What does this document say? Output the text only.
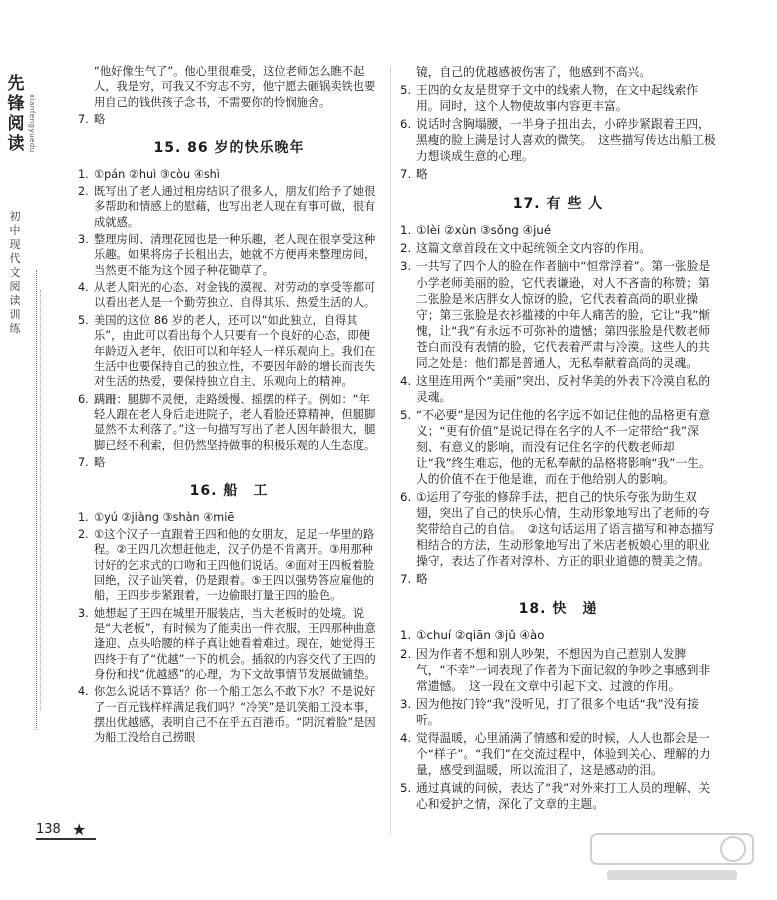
先锋阅读 xianfengyuedu
初中现代文阅读训练
“他好像生气了”。他心里很难受，这位老师怎么瞧不起人，我是穷，可我又不穷志不穷，他宁愿去砸锅卖铁也要用自己的钱供孩子念书，不需要你的怜悯施舍。
7. 略
15. 86 岁的快乐晚年
1. ①pán ②huì ③còu ④shì
2. 既写出了老人通过租房结识了很多人，朋友们给予了她很多帮助和情感上的慰藉，也写出老人现在有事可做，很有成就感。
3. 整理房间、清理花园也是一种乐趣，老人现在很享受这种乐趣。如果将房子长租出去，她就不方便再来整理房间，当然更不能为这个园子种花锄草了。
4. 从老人阳光的心态、对金钱的漠视、对劳动的享受等都可以看出老人是一个勤劳独立、自得其乐、热爱生活的人。
5. 美国的这位 86 岁的老人，还可以“如此独立，自得其乐”，由此可以看出每个人只要有一个良好的心态，即便年龄迈入老年，依旧可以和年轻人一样乐观向上。我们在生活中也要保持自己的独立性，不要因年龄的增长而丧失对生活的热爱，要保持独立自主、乐观向上的精神。
6. 蹒跚：腿脚不灵便，走路缓慢、摇摆的样子。例如：“年轻人跟在老人身后走进院子，老人看脸还算精神，但腿脚显然不太利落了。”这一句描写写出了老人因年龄很大，腿脚已经不利索，但仍然坚持做事的积极乐观的人生态度。
7. 略
16. 船　工
1. ①yú ②jiàng ③shàn ④miē
2. ①这个汉子一直跟着王四和他的女朋友，足足一华里的路程。②王四几次想赶他走，汉子仍是不肯离开。③用那种讨好的乞求式的口吻和王四他们说话。④面对王四板着脸回绝，汉子讪笑着，仍是跟着。⑤王四以强势答应雇他的船，王四步步紧跟着，一边偷眼打量王四的脸色。
3. 她想起了王四在城里开服装店，当大老板时的处境。说是“大老板”，有时候为了能卖出一件衣服，王四那种曲意逢迎、点头哈腰的样子真让她看着难过。现在，她觉得王四终于有了“优越”一下的机会。插叙的内容交代了王四的身份和找“优越感”的心理，为下文故事情节发展做铺垫。
4. 你怎么说话不算话？你一个船工怎么不敢下水？不是说好了一百元钱样样满足我们吗？“冷笑”是讥笑船工没本事，摆出优越感，表明自己不在乎五百港币。“阴沉着脸”是因为船工没给自己捞眼
镜，自己的优越感被伤害了，他感到不高兴。
5. 王四的女友是贯穿于文中的线索人物，在文中起线索作用。同时，这个人物使故事内容更丰富。
6. 说话时含胸塌腰，一半身子扭出去，小碎步紧跟着王四，黑瘦的脸上满是讨人喜欢的微笑。　这些描写传达出船工极力想谈成生意的心理。
7. 略
17. 有 些 人
1. ①lèi ②xùn ③sǒng ④jué
2. 这篇文章首段在文中起统领全文内容的作用。
3. 一共写了四个人的脸在作者脑中“恒常浮着”。第一张脸是小学老师美丽的脸，它代表谦逊，对人不吝啬的称赞；第二张脸是米店胖女人惊讶的脸，它代表着高尚的职业操守；第三张脸是衣衫褴褛的中年人痛苦的脸，它让“我”惭愧，让“我”有永远不可弥补的遗憾；第四张脸是代数老师苍白而没有表情的脸，它代表着严肃与冷漠。这些人的共同之处是：他们都是普通人，无私奉献着高尚的灵魂。
4. 这里连用两个“美丽”突出、反衬华美的外表下冷漠自私的灵魂。
5. “不必要”是因为记住他的名字远不如记住他的品格更有意义；“更有价值”是说记得在名字的人不一定带给“我”深刻、有意义的影响，而没有记住名字的代数老师却让“我”终生难忘，他的无私奉献的品格将影响“我”一生。人的价值不在于他是谁，而在于他给别人的影响。
6. ①运用了夸张的修辞手法，把自己的快乐夸张为助生双翅，突出了自己的快乐心情，生动形象地写出了老师的夸奖带给自己的自信。　②这句话运用了语言描写和神态描写相结合的方法，生动形象地写出了米店老板娘心里的职业操守，表达了作者对淳朴、方正的职业道德的赞美之情。
7. 略
18. 快　递
1. ①chuí ②qiān ③jǔ ④ào
2. 因为作者不想和别人吵架，不想因为自己惹别人发脾气，“不幸”一词表现了作者为下面记叙的争吵之事感到非常遗憾。　这一段在文章中引起下文、过渡的作用。
3. 因为他按门铃“我”没听见，打了很多个电话“我”没有接听。
4. 觉得温暖，心里涌满了情感和爱的时候，人人也都会是一个“样子”。“我们”在交流过程中，体验到关心、理解的力量，感受到温暖，所以流泪了，这是感动的泪。
5. 通过真诚的问候，表达了“我”对外来打工人员的理解、关心和爱护之情，深化了文章的主题。
138 ★
